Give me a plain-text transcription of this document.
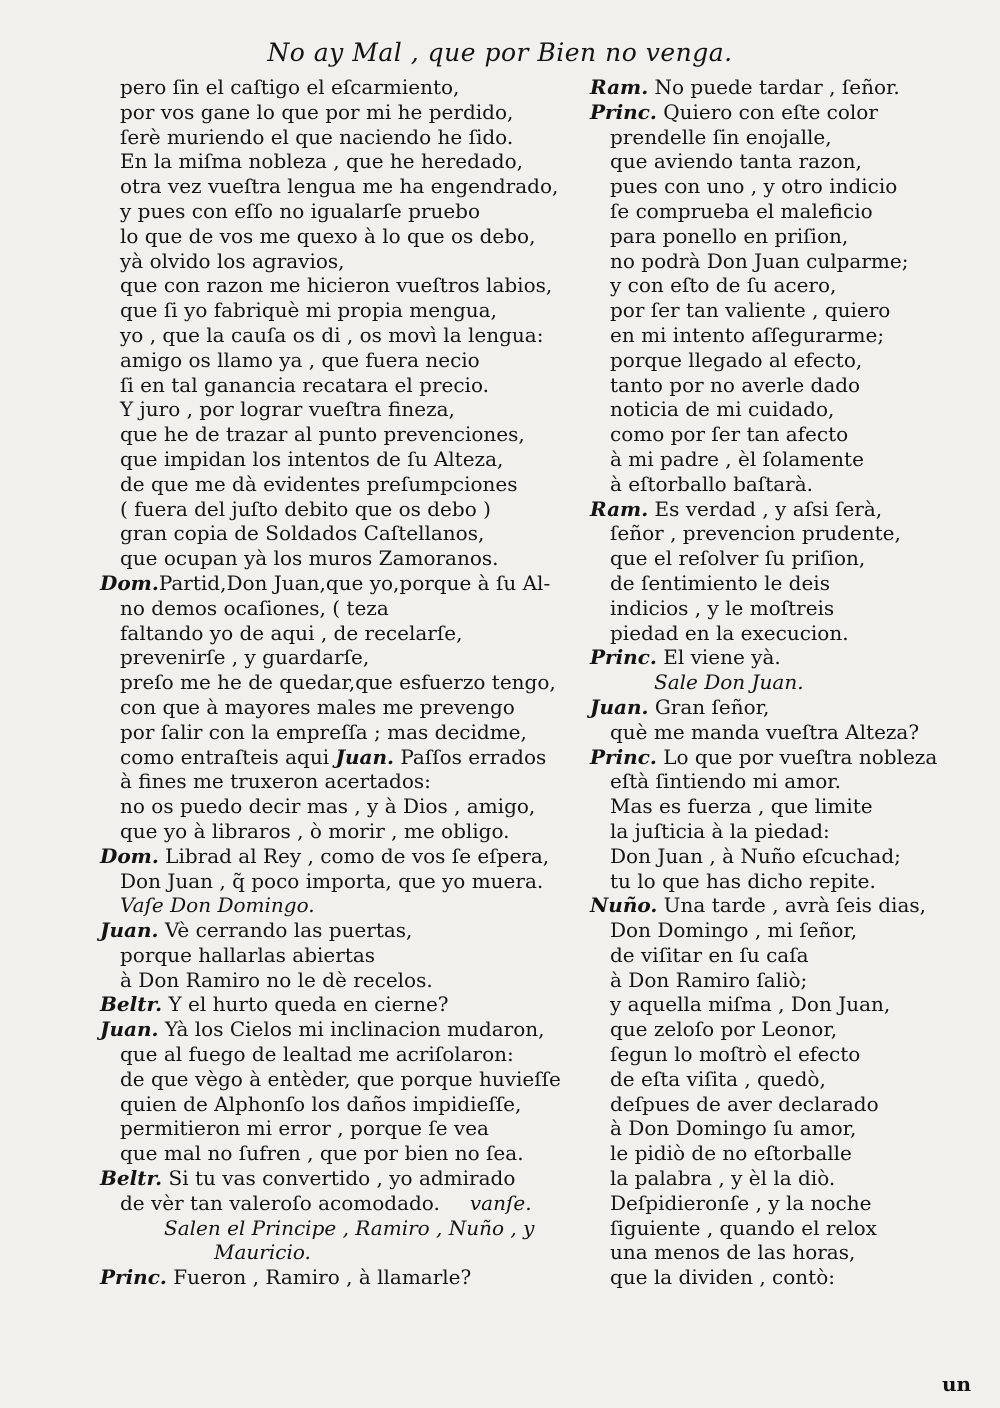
No ay Mal , que por Bien no venga.
pero ſin el caſtigo el eſcarmiento,
por vos gane lo que por mi he perdido,
ſerè muriendo el que naciendo he ſido.
En la miſma nobleza , que he heredado,
otra vez vueſtra lengua me ha engendrado,
y pues con eſſo no igualarſe pruebo
lo que de vos me quexo à lo que os debo,
yà olvido los agravios,
que con razon me hicieron vueſtros labios,
que ſi yo fabriquè mi propia mengua,
yo , que la cauſa os di , os movì la lengua:
amigo os llamo ya , que fuera necio
ſi en tal ganancia recatara el precio.
Y juro , por lograr vueſtra fineza,
que he de trazar al punto prevenciones,
que impidan los intentos de ſu Alteza,
de que me dà evidentes preſumpciones
( fuera del juſto debito que os debo )
gran copia de Soldados Caſtellanos,
que ocupan yà los muros Zamoranos.
Dom.Partid,Don Juan,que yo,porque à ſu Al-
no demos ocaſiones, ( teza
faltando yo de aqui , de recelarſe,
prevenirſe , y guardarſe,
preſo me he de quedar,que esfuerzo tengo,
con que à mayores males me prevengo
por ſalir con la empreſſa ; mas decidme,
como entraſteis aqui Juan. Paſſos errados
à fines me truxeron acertados:
no os puedo decir mas , y à Dios , amigo,
que yo à libraros , ò morir , me obligo.
Dom. Librad al Rey , como de vos ſe eſpera,
Don Juan , q̃ poco importa, que yo muera.
Vaſe Don Domingo.
Juan. Vè cerrando las puertas,
porque hallarlas abiertas
à Don Ramiro no le dè recelos.
Beltr. Y el hurto queda en cierne?
Juan. Yà los Cielos mi inclinacion mudaron,
que al fuego de lealtad me acriſolaron:
de que vègo à entèder, que porque huvieſſe
quien de Alphonſo los daños impidieſſe,
permitieron mi error , porque ſe vea
que mal no ſufren , que por bien no ſea.
Beltr. Si tu vas convertido , yo admirado
de vèr tan valeroſo acomodado. vanſe.
Salen el Principe , Ramiro , Nuño , y
Mauricio.
Princ. Fueron , Ramiro , à llamarle?
Ram. No puede tardar , ſeñor.
Princ. Quiero con eſte color
prendelle ſin enojalle,
que aviendo tanta razon,
pues con uno , y otro indicio
ſe comprueba el maleficio
para ponello en priſion,
no podrà Don Juan culparme;
y con eſto de ſu acero,
por ſer tan valiente , quiero
en mi intento aſſegurarme;
porque llegado al efecto,
tanto por no averle dado
noticia de mi cuidado,
como por ſer tan afecto
à mi padre , èl ſolamente
à eſtorballo baſtarà.
Ram. Es verdad , y aſsi ſerà,
ſeñor , prevencion prudente,
que el reſolver ſu priſion,
de ſentimiento le deis
indicios , y le moſtreis
piedad en la execucion.
Princ. El viene yà.
Sale Don Juan.
Juan. Gran ſeñor,
què me manda vueſtra Alteza?
Princ. Lo que por vueſtra nobleza
eſtà ſintiendo mi amor.
Mas es fuerza , que limite
la juſticia à la piedad:
Don Juan , à Nuño eſcuchad;
tu lo que has dicho repite.
Nuño. Una tarde , avrà ſeis dias,
Don Domingo , mi ſeñor,
de viſitar en ſu caſa
à Don Ramiro ſaliò;
y aquella miſma , Don Juan,
que zeloſo por Leonor,
ſegun lo moſtrò el efecto
de eſta viſita , quedò,
deſpues de aver declarado
à Don Domingo ſu amor,
le pidiò de no eſtorballe
la palabra , y èl la diò.
Deſpidieronſe , y la noche
ſiguiente , quando el relox
una menos de las horas,
que la dividen , contò:
un
